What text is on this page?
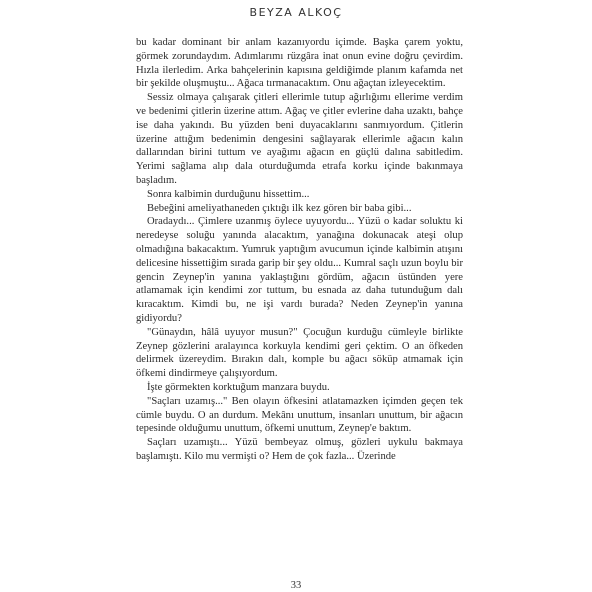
BEYZA ALKOÇ

bu kadar dominant bir anlam kazanıyordu içimde. Başka çarem yoktu, görmek zorundaydım. Adımlarımı rüzgâra inat onun evine doğru çevirdim. Hızla ilerledim. Arka bahçelerinin kapısına geldiğimde planım kafamda net bir şekilde oluşmuştu... Ağaca tırmanacaktım. Onu ağaçtan izleyecektim.

Sessiz olmaya çalışarak çitleri ellerimle tutup ağırlığımı ellerime verdim ve bedenimi çitlerin üzerine attım. Ağaç ve çitler evlerine daha uzaktı, bahçe ise daha yakındı. Bu yüzden beni duyacaklarını sanmıyordum. Çitlerin üzerine attığım bedenimin dengesini sağlayarak ellerimle ağacın kalın dallarından birini tuttum ve ayağımı ağacın en güçlü dalına sabitledim. Yerimi sağlama alıp dala oturduğumda etrafa korku içinde bakınmaya başladım.

Sonra kalbimin durduğunu hissettim...

Bebeğini ameliyathaneden çıktığı ilk kez gören bir baba gibi...

Oradaydı... Çimlere uzanmış öylece uyuyordu... Yüzü o kadar soluktu ki neredeyse soluğu yanında alacaktım, yanağına dokunacak ateşi olup olmadığına bakacaktım. Yumruk yaptığım avucumun içinde kalbimin atışını delicesine hissettiğim sırada garip bir şey oldu... Kumral saçlı uzun boylu bir gencin Zeynep'in yanına yaklaştığını gördüm, ağacın üstünden yere atlamamak için kendimi zor tuttum, bu esnada az daha tutunduğum dalı kıracaktım. Kimdi bu, ne işi vardı burada? Neden Zeynep'in yanına gidiyordu?

"Günaydın, hâlâ uyuyor musun?" Çocuğun kurduğu cümleyle birlikte Zeynep gözlerini aralayınca korkuyla kendimi geri çektim. O an öfkeden delirmek üzereydim. Bırakın dalı, komple bu ağacı söküp atmamak için öfkemi dindirmeye çalışıyordum.

İşte görmekten korktuğum manzara buydu.

"Saçları uzamış..." Ben olayın öfkesini atlatamazken içimden geçen tek cümle buydu. O an durdum. Mekânı unuttum, insanları unuttum, bir ağacın tepesinde olduğumu unuttum, öfkemi unuttum, Zeynep'e baktım.

Saçları uzamıştı... Yüzü bembeyaz olmuş, gözleri uykulu bakmaya başlamıştı. Kilo mu vermişti o? Hem de çok fazla... Üzerinde

33
